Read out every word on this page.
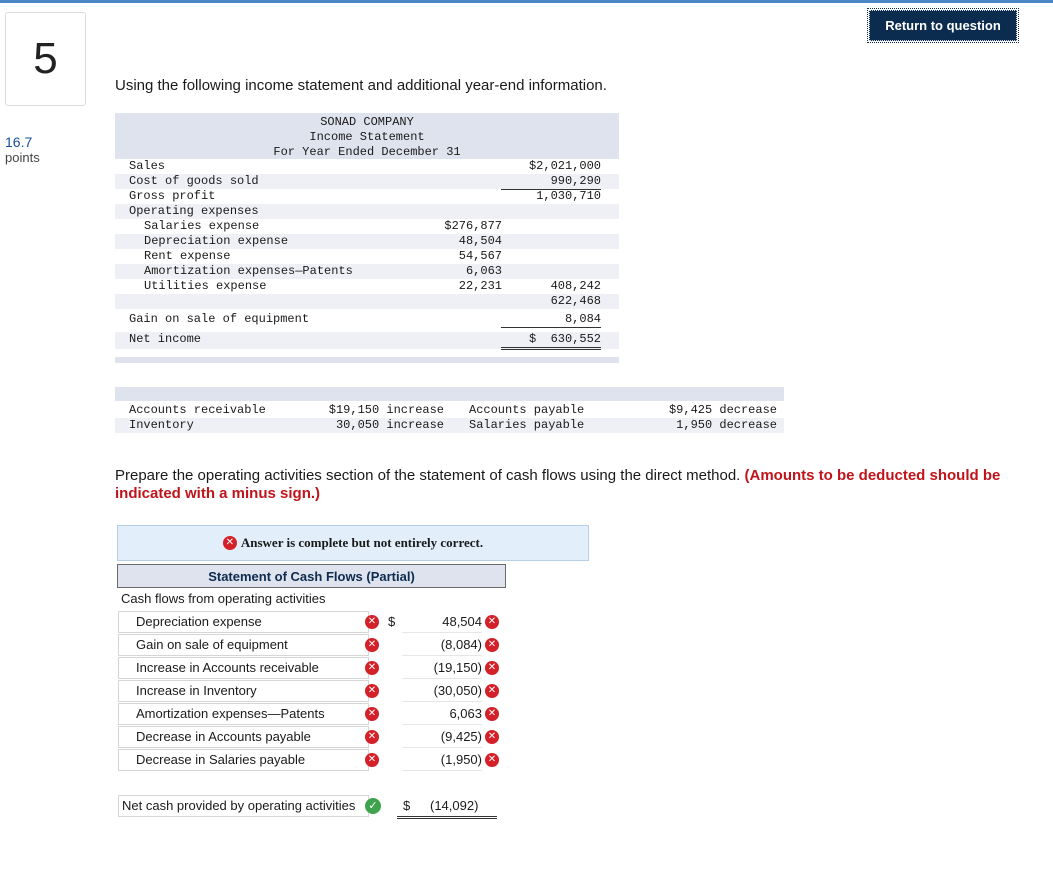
5
16.7
points
Return to question
Using the following income statement and additional year-end information.
SONAD COMPANY
Income Statement
For Year Ended December 31
Sales	$2,021,000
Cost of goods sold	990,290
Gross profit	1,030,710
Operating expenses
Salaries expense	$276,877
Depreciation expense	48,504
Rent expense	54,567
Amortization expenses—Patents	6,063
Utilities expense	22,231	408,242
622,468
Gain on sale of equipment	8,084
Net income	$  630,552
Accounts receivable	$19,150 increase Accounts payable	$9,425 decrease
Inventory	30,050 increase Salaries payable	1,950 decrease
Prepare the operating activities section of the statement of cash flows using the direct method. (Amounts to be deducted should be indicated with a minus sign.)
✕ Answer is complete but not entirely correct.
Statement of Cash Flows (Partial)
Cash flows from operating activities
Depreciation expense	✕ $	48,504 ✕
Gain on sale of equipment	✕	(8,084) ✕
Increase in Accounts receivable	✕	(19,150) ✕
Increase in Inventory	✕	(30,050) ✕
Amortization expenses—Patents	✕	6,063 ✕
Decrease in Accounts payable	✕	(9,425) ✕
Decrease in Salaries payable	✕	(1,950) ✕
Net cash provided by operating activities	✓ $	(14,092)
